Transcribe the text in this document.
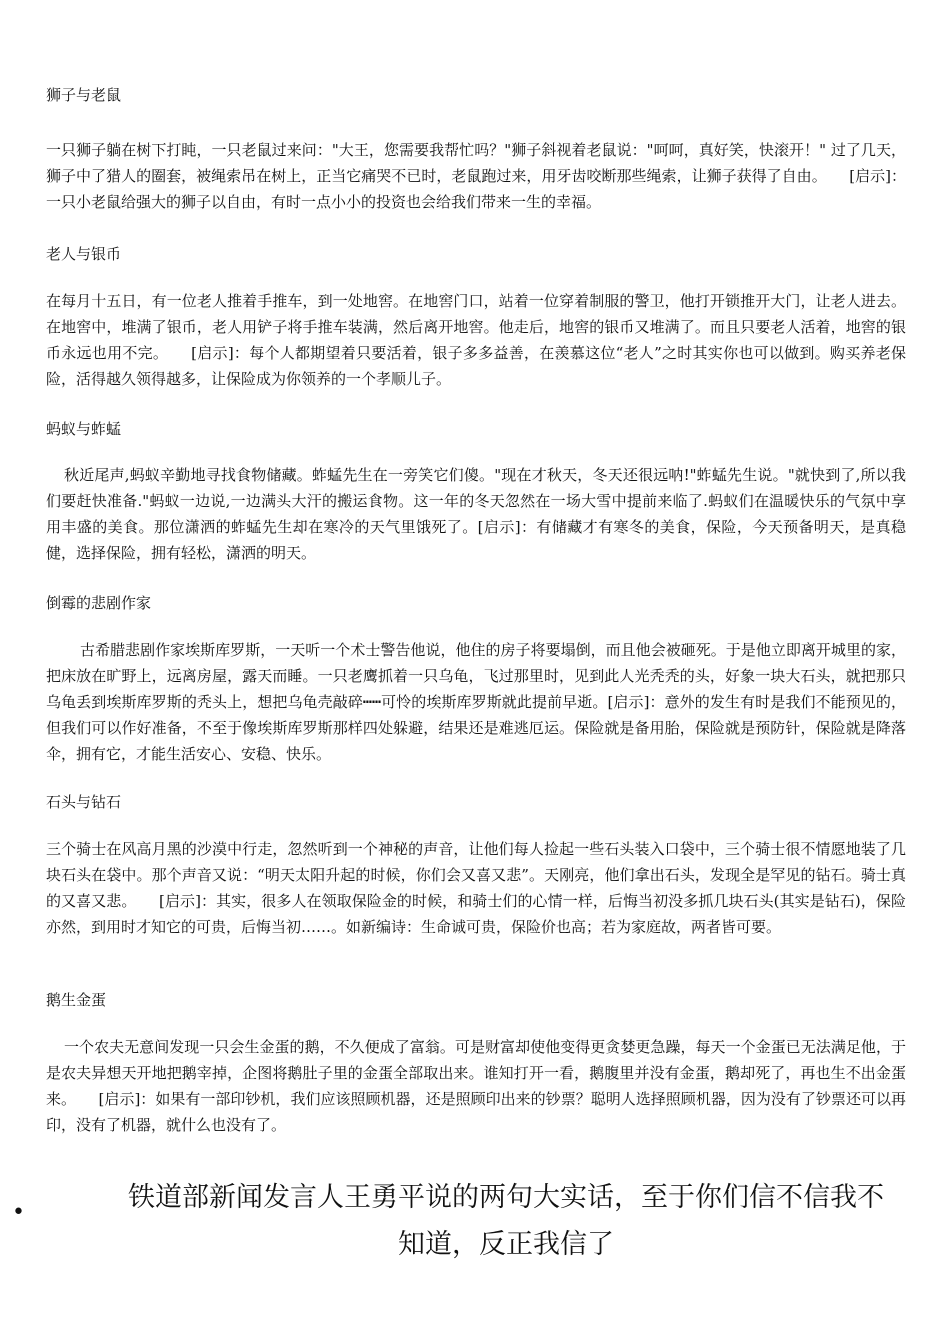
狮子与老鼠

一只狮子躺在树下打盹，一只老鼠过来问："大王，您需要我帮忙吗？"狮子斜视着老鼠说："呵呵，真好笑，快滚开！" 过了几天，狮子中了猎人的圈套，被绳索吊在树上，正当它痛哭不已时，老鼠跑过来，用牙齿咬断那些绳索，让狮子获得了自由。　　[启示]：一只小老鼠给强大的狮子以自由，有时一点小小的投资也会给我们带来一生的幸福。

老人与银币

在每月十五日，有一位老人推着手推车，到一处地窖。在地窖门口，站着一位穿着制服的警卫，他打开锁推开大门，让老人进去。在地窖中，堆满了银币，老人用铲子将手推车装满，然后离开地窖。他走后，地窖的银币又堆满了。而且只要老人活着，地窖的银币永远也用不完。　　[启示]：每个人都期望着只要活着，银子多多益善，在羡慕这位“老人”之时其实你也可以做到。购买养老保险，活得越久领得越多，让保险成为你领养的一个孝顺儿子。

蚂蚁与蚱蜢

秋近尾声,蚂蚁辛勤地寻找食物储藏。蚱蜢先生在一旁笑它们傻。"现在才秋天，冬天还很远呐!"蚱蜢先生说。"就快到了,所以我们要赶快准备."蚂蚁一边说,一边满头大汗的搬运食物。这一年的冬天忽然在一场大雪中提前来临了.蚂蚁们在温暖快乐的气氛中享用丰盛的美食。那位潇洒的蚱蜢先生却在寒冷的天气里饿死了。[启示]：有储藏才有寒冬的美食，保险，今天预备明天，是真稳健，选择保险，拥有轻松，潇洒的明天。

倒霉的悲剧作家

古希腊悲剧作家埃斯库罗斯，一天听一个术士警告他说，他住的房子将要塌倒，而且他会被砸死。于是他立即离开城里的家，把床放在旷野上，远离房屋，露天而睡。一只老鹰抓着一只乌龟，飞过那里时，见到此人光秃秃的头，好象一块大石头，就把那只乌龟丢到埃斯库罗斯的秃头上，想把乌龟壳敲碎┅┅可怜的埃斯库罗斯就此提前早逝。[启示]：意外的发生有时是我们不能预见的，但我们可以作好准备，不至于像埃斯库罗斯那样四处躲避，结果还是难逃厄运。保险就是备用胎，保险就是预防针，保险就是降落伞，拥有它，才能生活安心、安稳、快乐。

石头与钻石

三个骑士在风高月黑的沙漠中行走，忽然听到一个神秘的声音，让他们每人捡起一些石头装入口袋中，三个骑士很不情愿地装了几块石头在袋中。那个声音又说：“明天太阳升起的时候，你们会又喜又悲”。天刚亮，他们拿出石头，发现全是罕见的钻石。骑士真的又喜又悲。　　[启示]：其实，很多人在领取保险金的时候，和骑士们的心情一样，后悔当初没多抓几块石头(其实是钻石)，保险亦然，到用时才知它的可贵，后悔当初……。如新编诗：生命诚可贵，保险价也高；若为家庭故，两者皆可要。

鹅生金蛋

一个农夫无意间发现一只会生金蛋的鹅，不久便成了富翁。可是财富却使他变得更贪婪更急躁，每天一个金蛋已无法满足他，于是农夫异想天开地把鹅宰掉，企图将鹅肚子里的金蛋全部取出来。谁知打开一看，鹅腹里并没有金蛋，鹅却死了，再也生不出金蛋来。　　[启示]：如果有一部印钞机，我们应该照顾机器，还是照顾印出来的钞票？聪明人选择照顾机器，因为没有了钞票还可以再印，没有了机器，就什么也没有了。

•	铁道部新闻发言人王勇平说的两句大实话，至于你们信不信我不
知道，反正我信了
